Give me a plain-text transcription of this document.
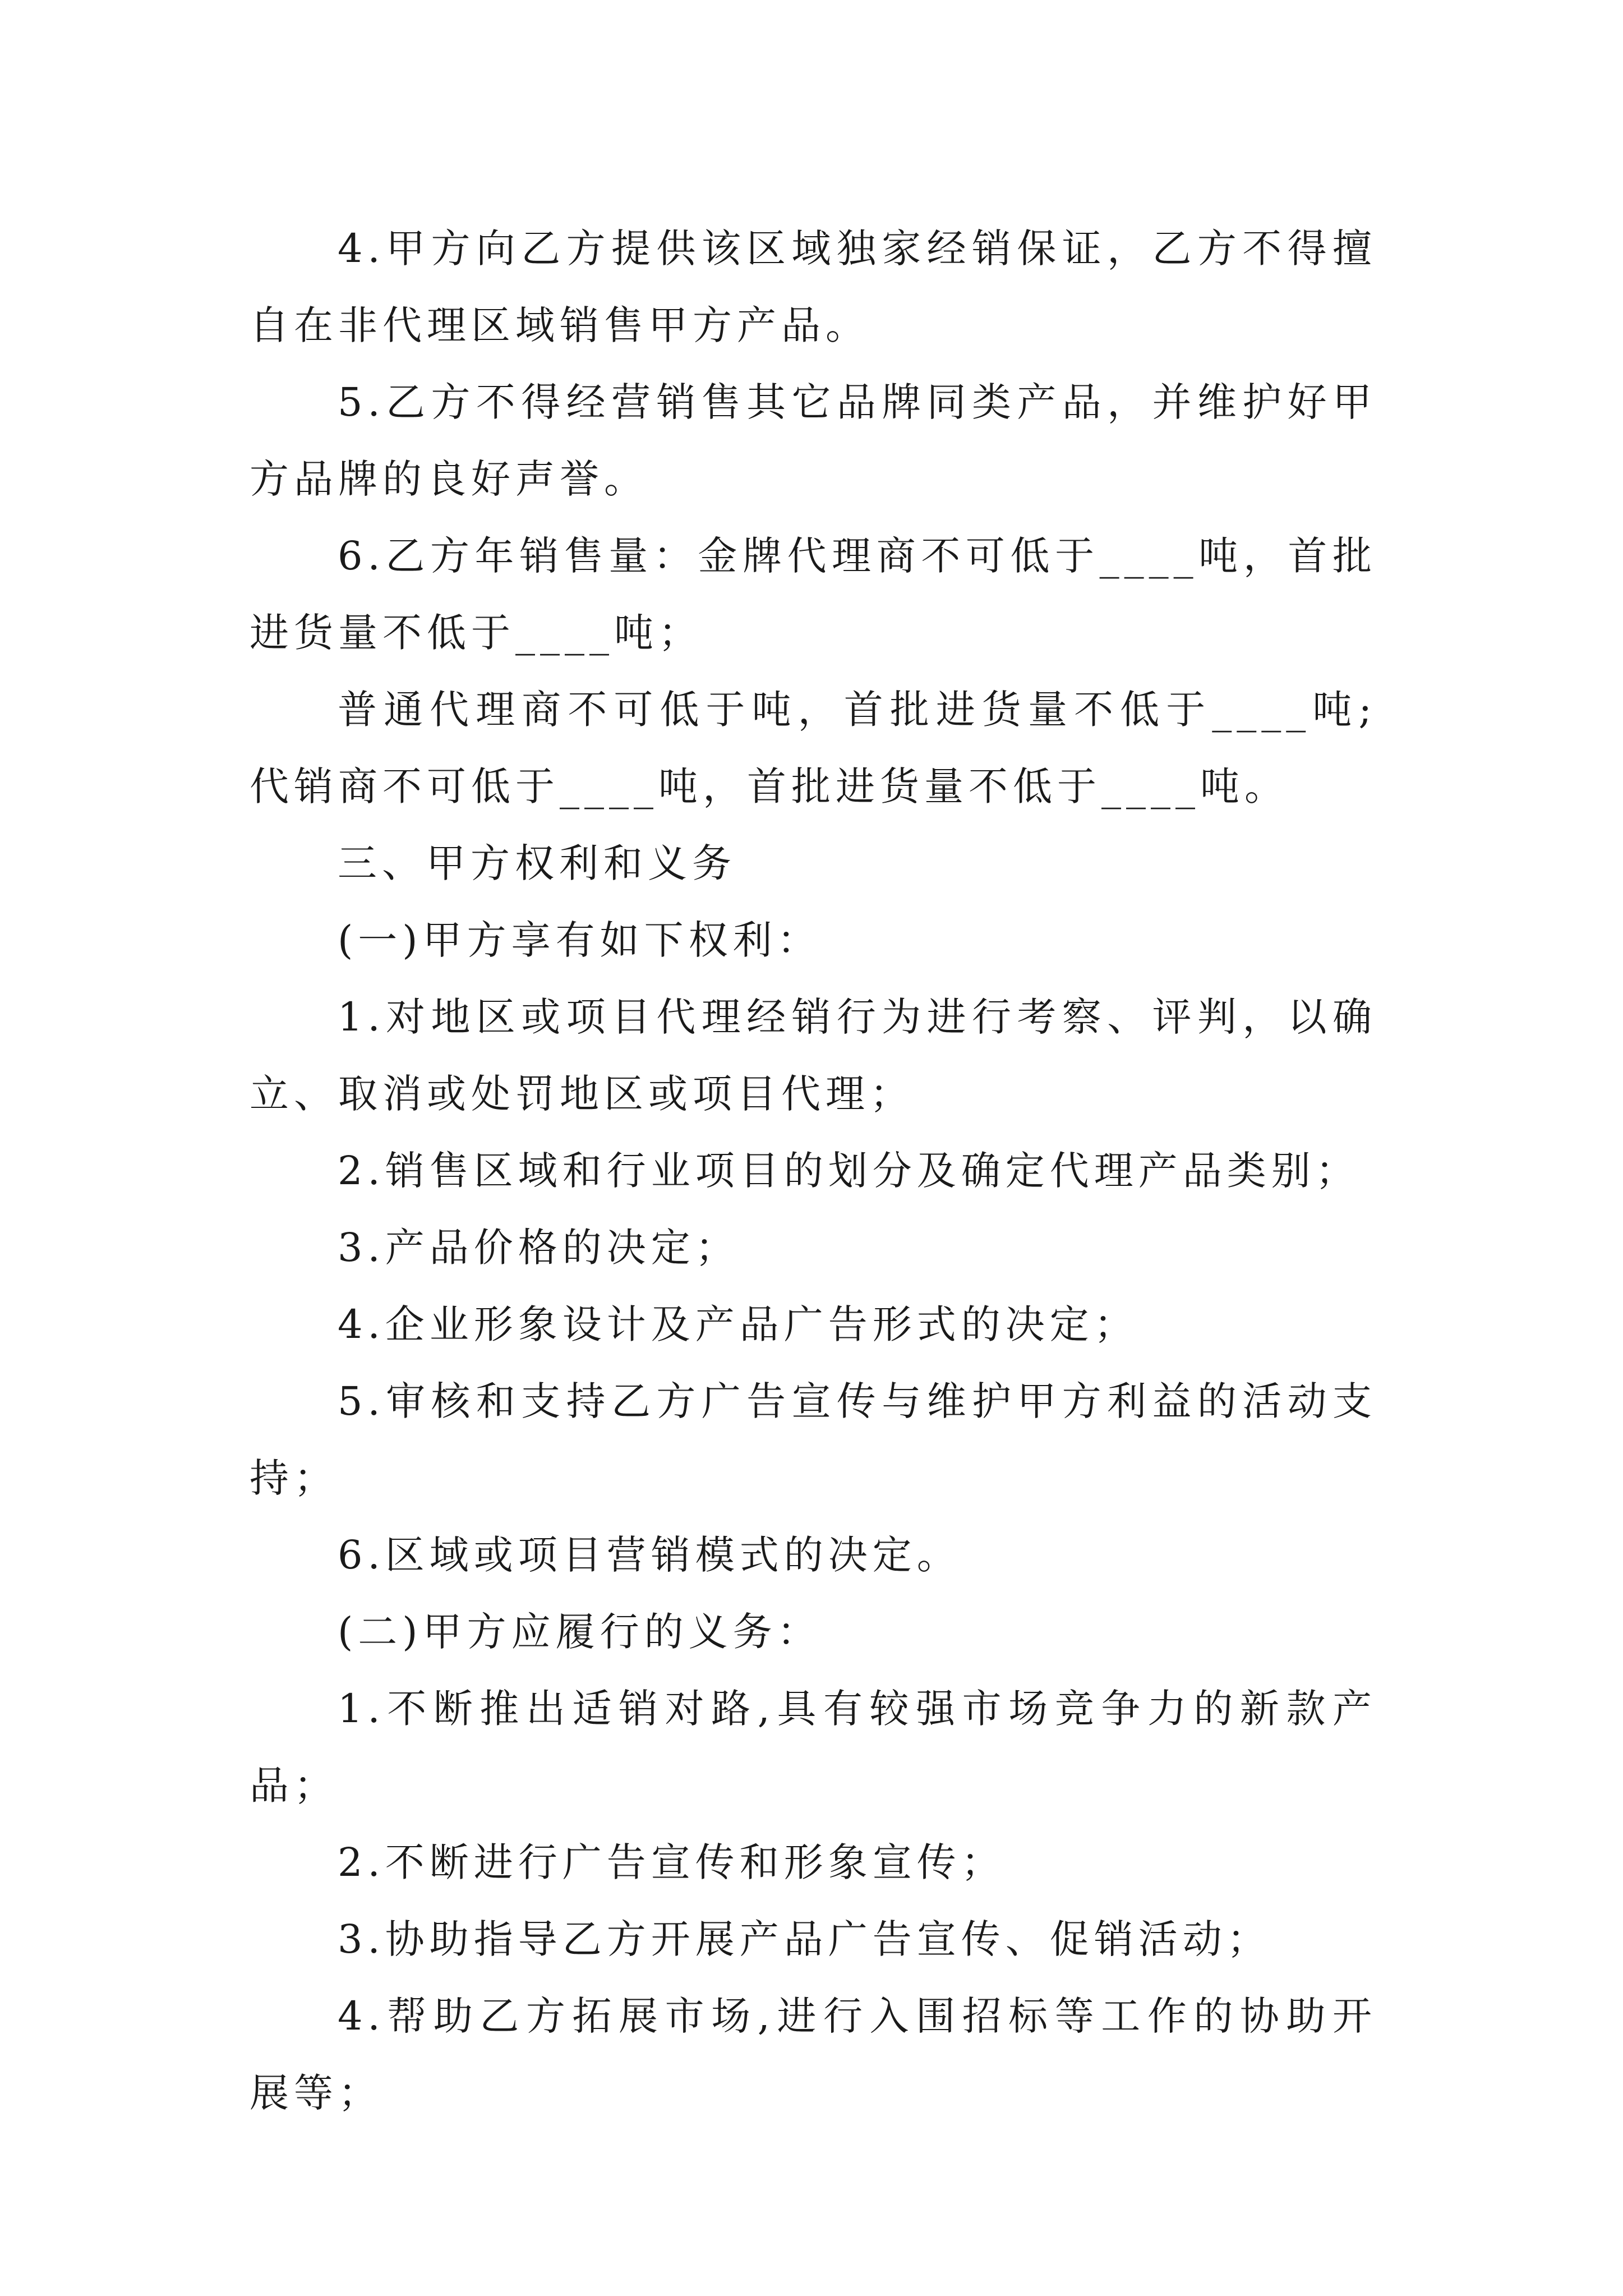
4.甲方向乙方提供该区域独家经销保证，乙方不得擅自在非代理区域销售甲方产品。

5.乙方不得经营销售其它品牌同类产品，并维护好甲方品牌的良好声誉。

6.乙方年销售量：金牌代理商不可低于____吨，首批进货量不低于____吨；

普通代理商不可低于吨，首批进货量不低于____吨;代销商不可低于____吨，首批进货量不低于____吨。

三、甲方权利和义务

(一)甲方享有如下权利：

1.对地区或项目代理经销行为进行考察、评判，以确立、取消或处罚地区或项目代理；

2.销售区域和行业项目的划分及确定代理产品类别；

3.产品价格的决定；

4.企业形象设计及产品广告形式的决定；

5.审核和支持乙方广告宣传与维护甲方利益的活动支持；

6.区域或项目营销模式的决定。

(二)甲方应履行的义务：

1.不断推出适销对路,具有较强市场竞争力的新款产品；

2.不断进行广告宣传和形象宣传；

3.协助指导乙方开展产品广告宣传、促销活动；

4.帮助乙方拓展市场,进行入围招标等工作的协助开展等；
